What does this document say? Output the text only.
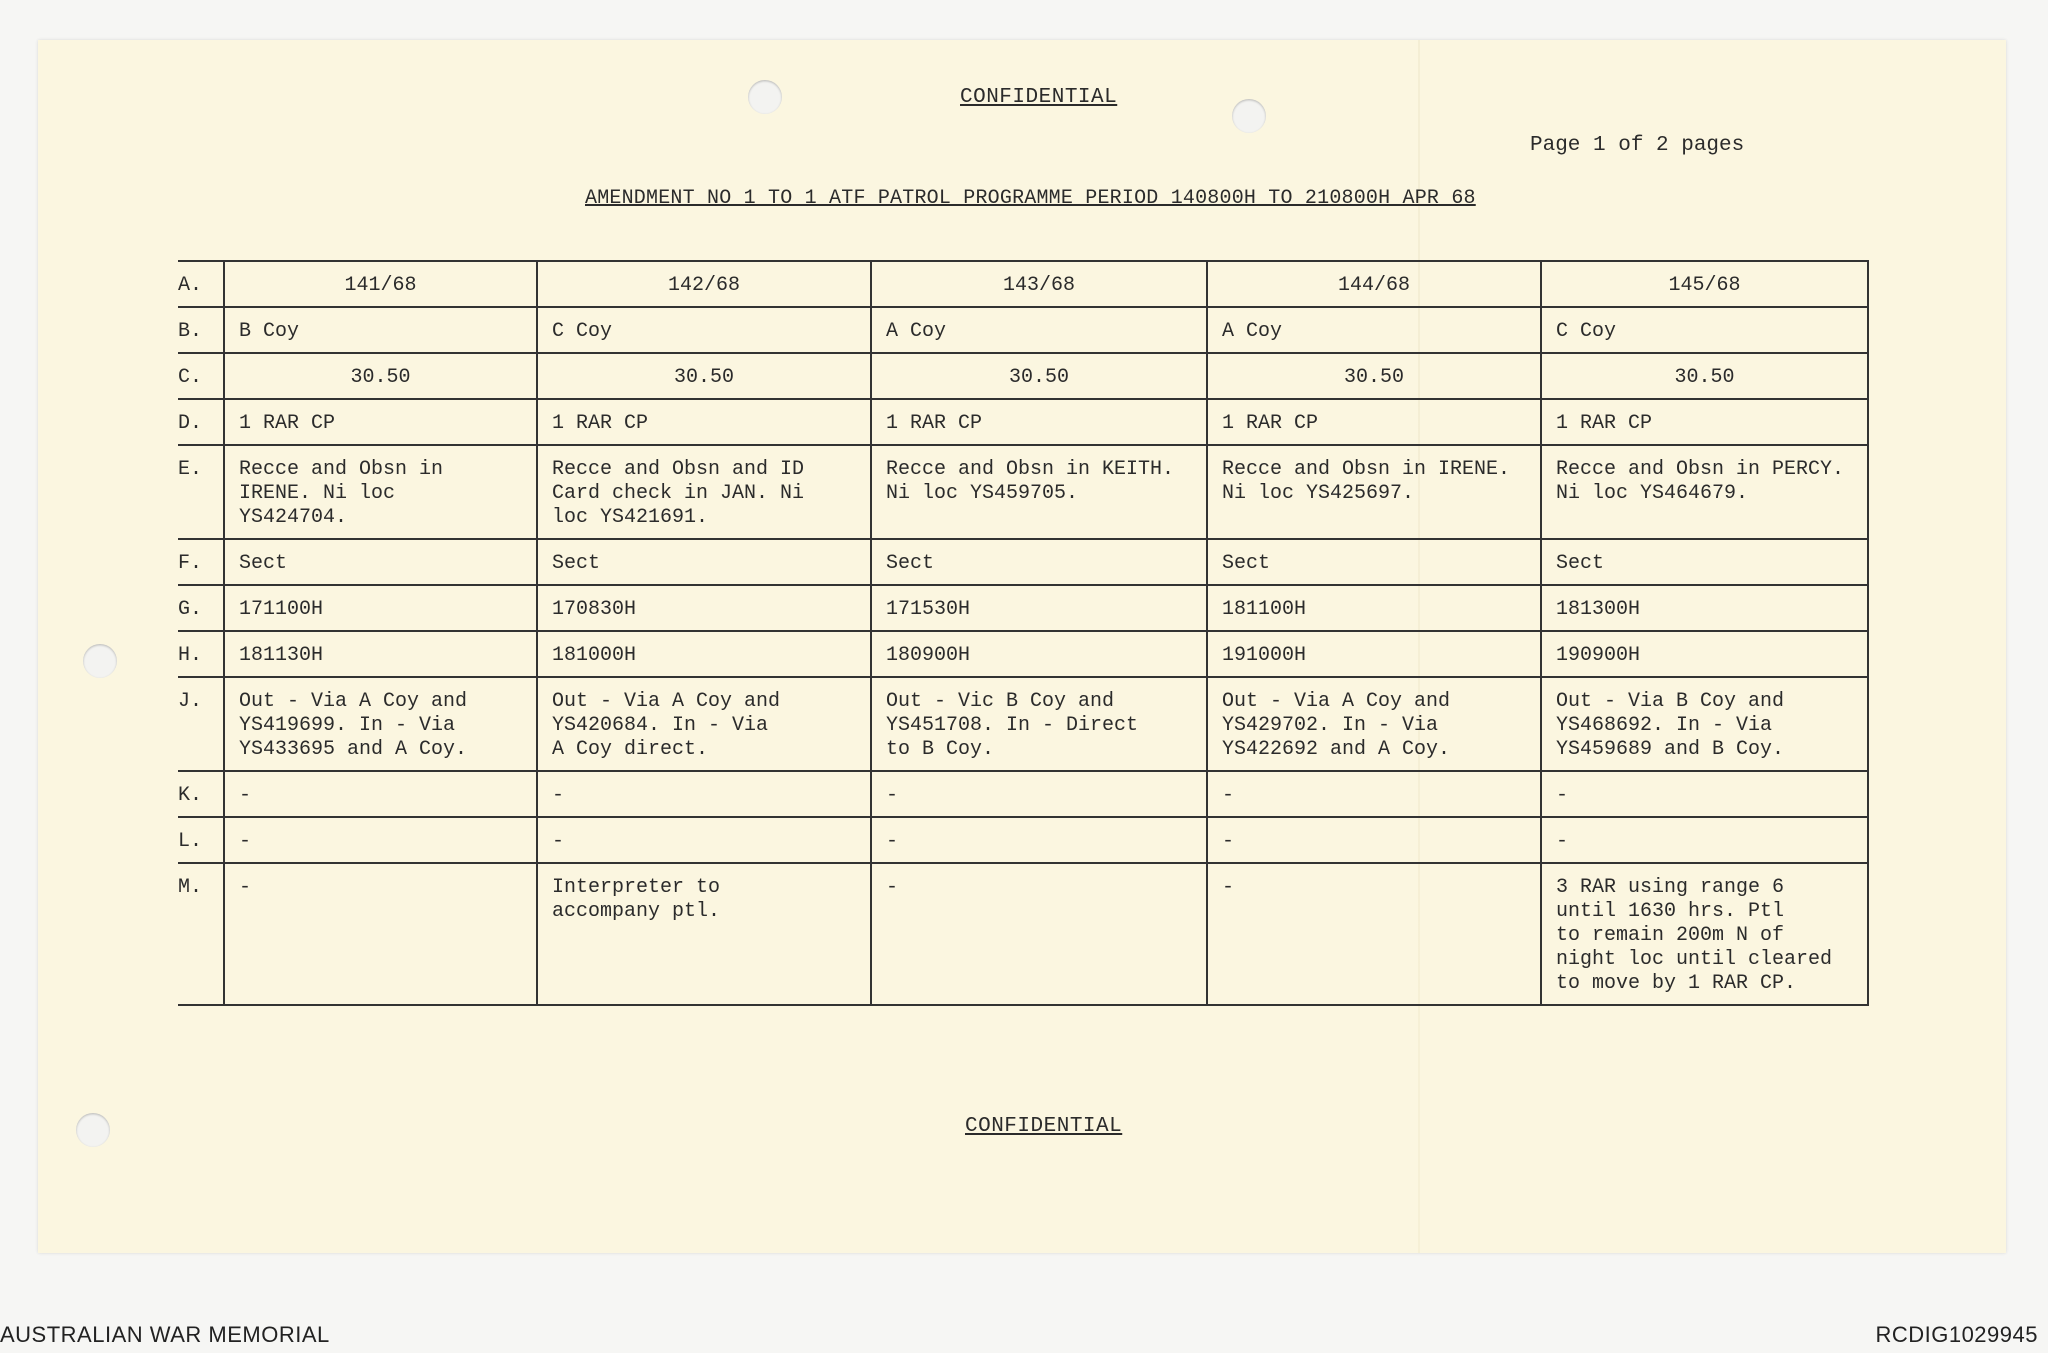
CONFIDENTIAL
Page 1 of 2 pages
AMENDMENT NO 1 TO 1 ATF PATROL PROGRAMME PERIOD 140800H TO 210800H APR 68
A.	141/68	142/68	143/68	144/68	145/68
B.	B Coy	C Coy	A Coy	A Coy	C Coy
C.	30.50	30.50	30.50	30.50	30.50
D.	1 RAR CP	1 RAR CP	1 RAR CP	1 RAR CP	1 RAR CP
E.	Recce and Obsn in
IRENE. Ni loc
YS424704.	Recce and Obsn and ID
Card check in JAN. Ni
loc YS421691.	Recce and Obsn in KEITH.
Ni loc YS459705.	Recce and Obsn in IRENE.
Ni loc YS425697.	Recce and Obsn in PERCY.
Ni loc YS464679.
F.	Sect	Sect	Sect	Sect	Sect
G.	171100H	170830H	171530H	181100H	181300H
H.	181130H	181000H	180900H	191000H	190900H
J.	Out - Via A Coy and
YS419699. In - Via
YS433695 and A Coy.	Out - Via A Coy and
YS420684. In - Via
A Coy direct.	Out - Vic B Coy and
YS451708. In - Direct
to B Coy.	Out - Via A Coy and
YS429702. In - Via
YS422692 and A Coy.	Out - Via B Coy and
YS468692. In - Via
YS459689 and B Coy.
K.	-	-	-	-	-
L.	-	-	-	-	-
M.	-	Interpreter to
accompany ptl.	-	-	3 RAR using range 6
until 1630 hrs. Ptl
to remain 200m N of
night loc until cleared
to move by 1 RAR CP.
CONFIDENTIAL
AUSTRALIAN WAR MEMORIAL	RCDIG1029945
